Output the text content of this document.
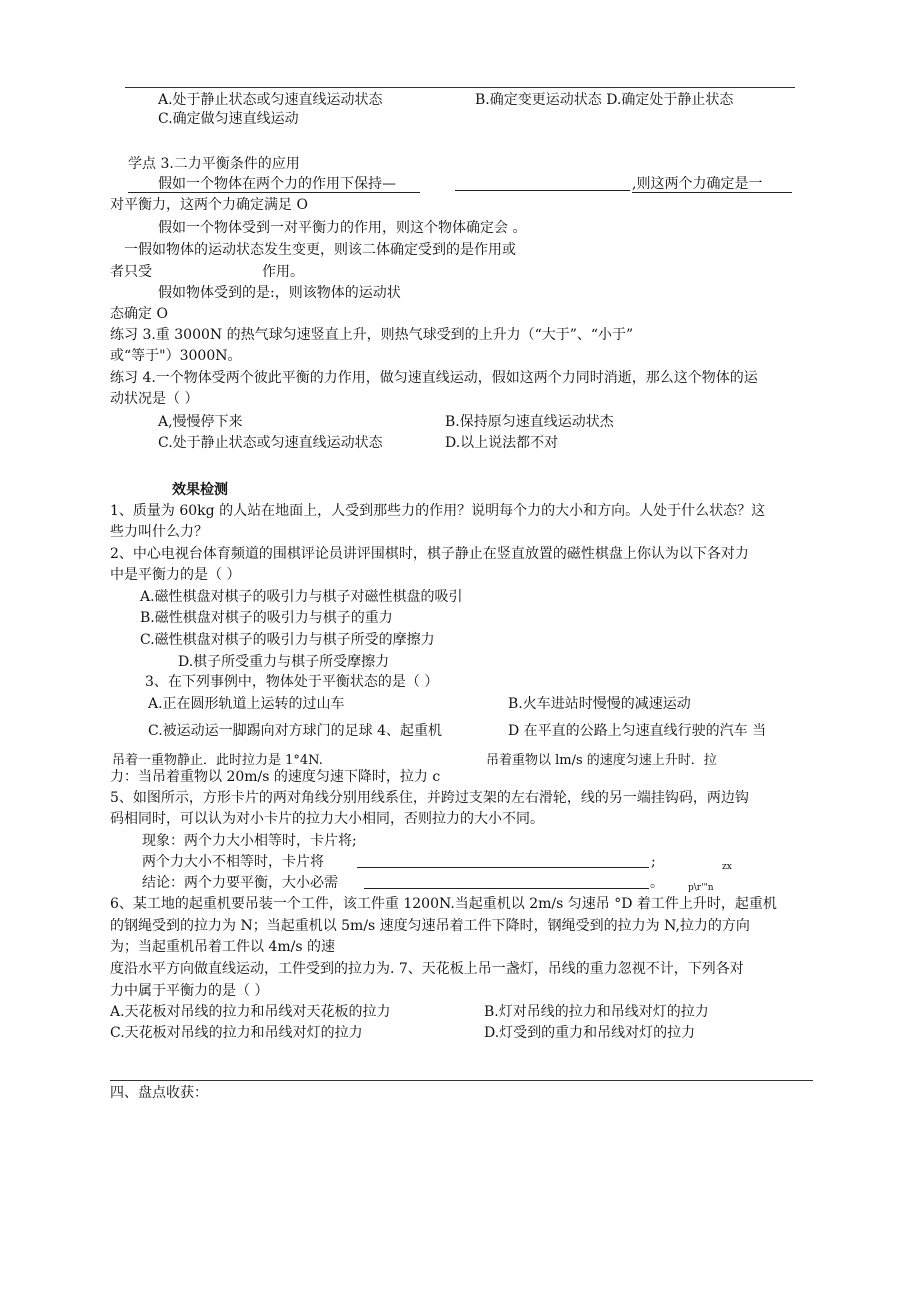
A.处于静止状态或匀速直线运动状态	B.确定变更运动状态 D.确定处于静止状态
C.确定做匀速直线运动
学点 3.二力平衡条件的应用
假如一个物体在两个力的作用下保持—	,则这两个力确定是一
对平衡力，这两个力确定满足 O
假如一个物体受到一对平衡力的作用，则这个物体确定会 。
一假如物体的运动状态发生变更，则该二体确定受到的是作用或
者只受	作用。
假如物体受到的是:，则该物体的运动状
态确定 O
练习 3.重 3000N 的热气球匀速竖直上升，则热气球受到的上升力（“大于”、“小于”
或“等于"）3000N。
练习 4.一个物体受两个彼此平衡的力作用，做匀速直线运动，假如这两个力同时消逝，那么这个物体的运
动状况是（ ）
A,慢慢停下来	B.保持原匀速直线运动状杰
C.处于静止状态或匀速直线运动状态	D.以上说法都不对
效果检测
1、质量为 60kg 的人站在地面上，人受到那些力的作用？说明每个力的大小和方向。人处于什么状态？这
些力叫什么力？
2、中心电视台体育频道的围棋评论员讲评围棋时，棋子静止在竖直放置的磁性棋盘上你认为以下各对力
中是平衡力的是（ ）
A.磁性棋盘对棋子的吸引力与棋子对磁性棋盘的吸引
B.磁性棋盘对棋子的吸引力与棋子的重力
C.磁性棋盘对棋子的吸引力与棋子所受的摩擦力
D.棋子所受重力与棋子所受摩擦力
3、在下列事例中，物体处于平衡状态的是（ ）
A.正在圆形轨道上运转的过山车	B.火车进站时慢慢的减速运动
C.被运动运一脚踢向对方球门的足球 4、起重机	D 在平直的公路上匀速直线行驶的汽车 当
吊着一重物静止．此时拉力是 1°4N.	吊着重物以 lm/s 的速度匀速上升时．拉
力：当吊着重物以 20m/s 的速度匀速下降时，拉力 c
5、如图所示，方形卡片的两对角线分别用线系住，并跨过支架的左右滑轮，线的另一端挂钩码，两边钩
码相同时，可以认为对小卡片的拉力大小相同，否则拉力的大小不同。
现象：两个力大小相等时，卡片将;
两个力大小不相等时，卡片将	;	zx
结论：两个力要平衡，大小必需	。	p\r'"n
6、某工地的起重机要吊装一个工件，该工件重 1200N.当起重机以 2m/s 匀速吊 °D 着工件上升时，起重机
的钢绳受到的拉力为 N；当起重机以 5m/s 速度匀速吊着工件下降时，钢绳受到的拉力为 N,拉力的方向
为；当起重机吊着工件以 4m/s 的速
度沿水平方向做直线运动，工件受到的拉力为. 7、天花板上吊一盏灯，吊线的重力忽视不计，下列各对
力中属于平衡力的是（ ）
A.天花板对吊线的拉力和吊线对天花板的拉力	B.灯对吊线的拉力和吊线对灯的拉力
C.天花板对吊线的拉力和吊线对灯的拉力	D.灯受到的重力和吊线对灯的拉力
四、盘点收获：
